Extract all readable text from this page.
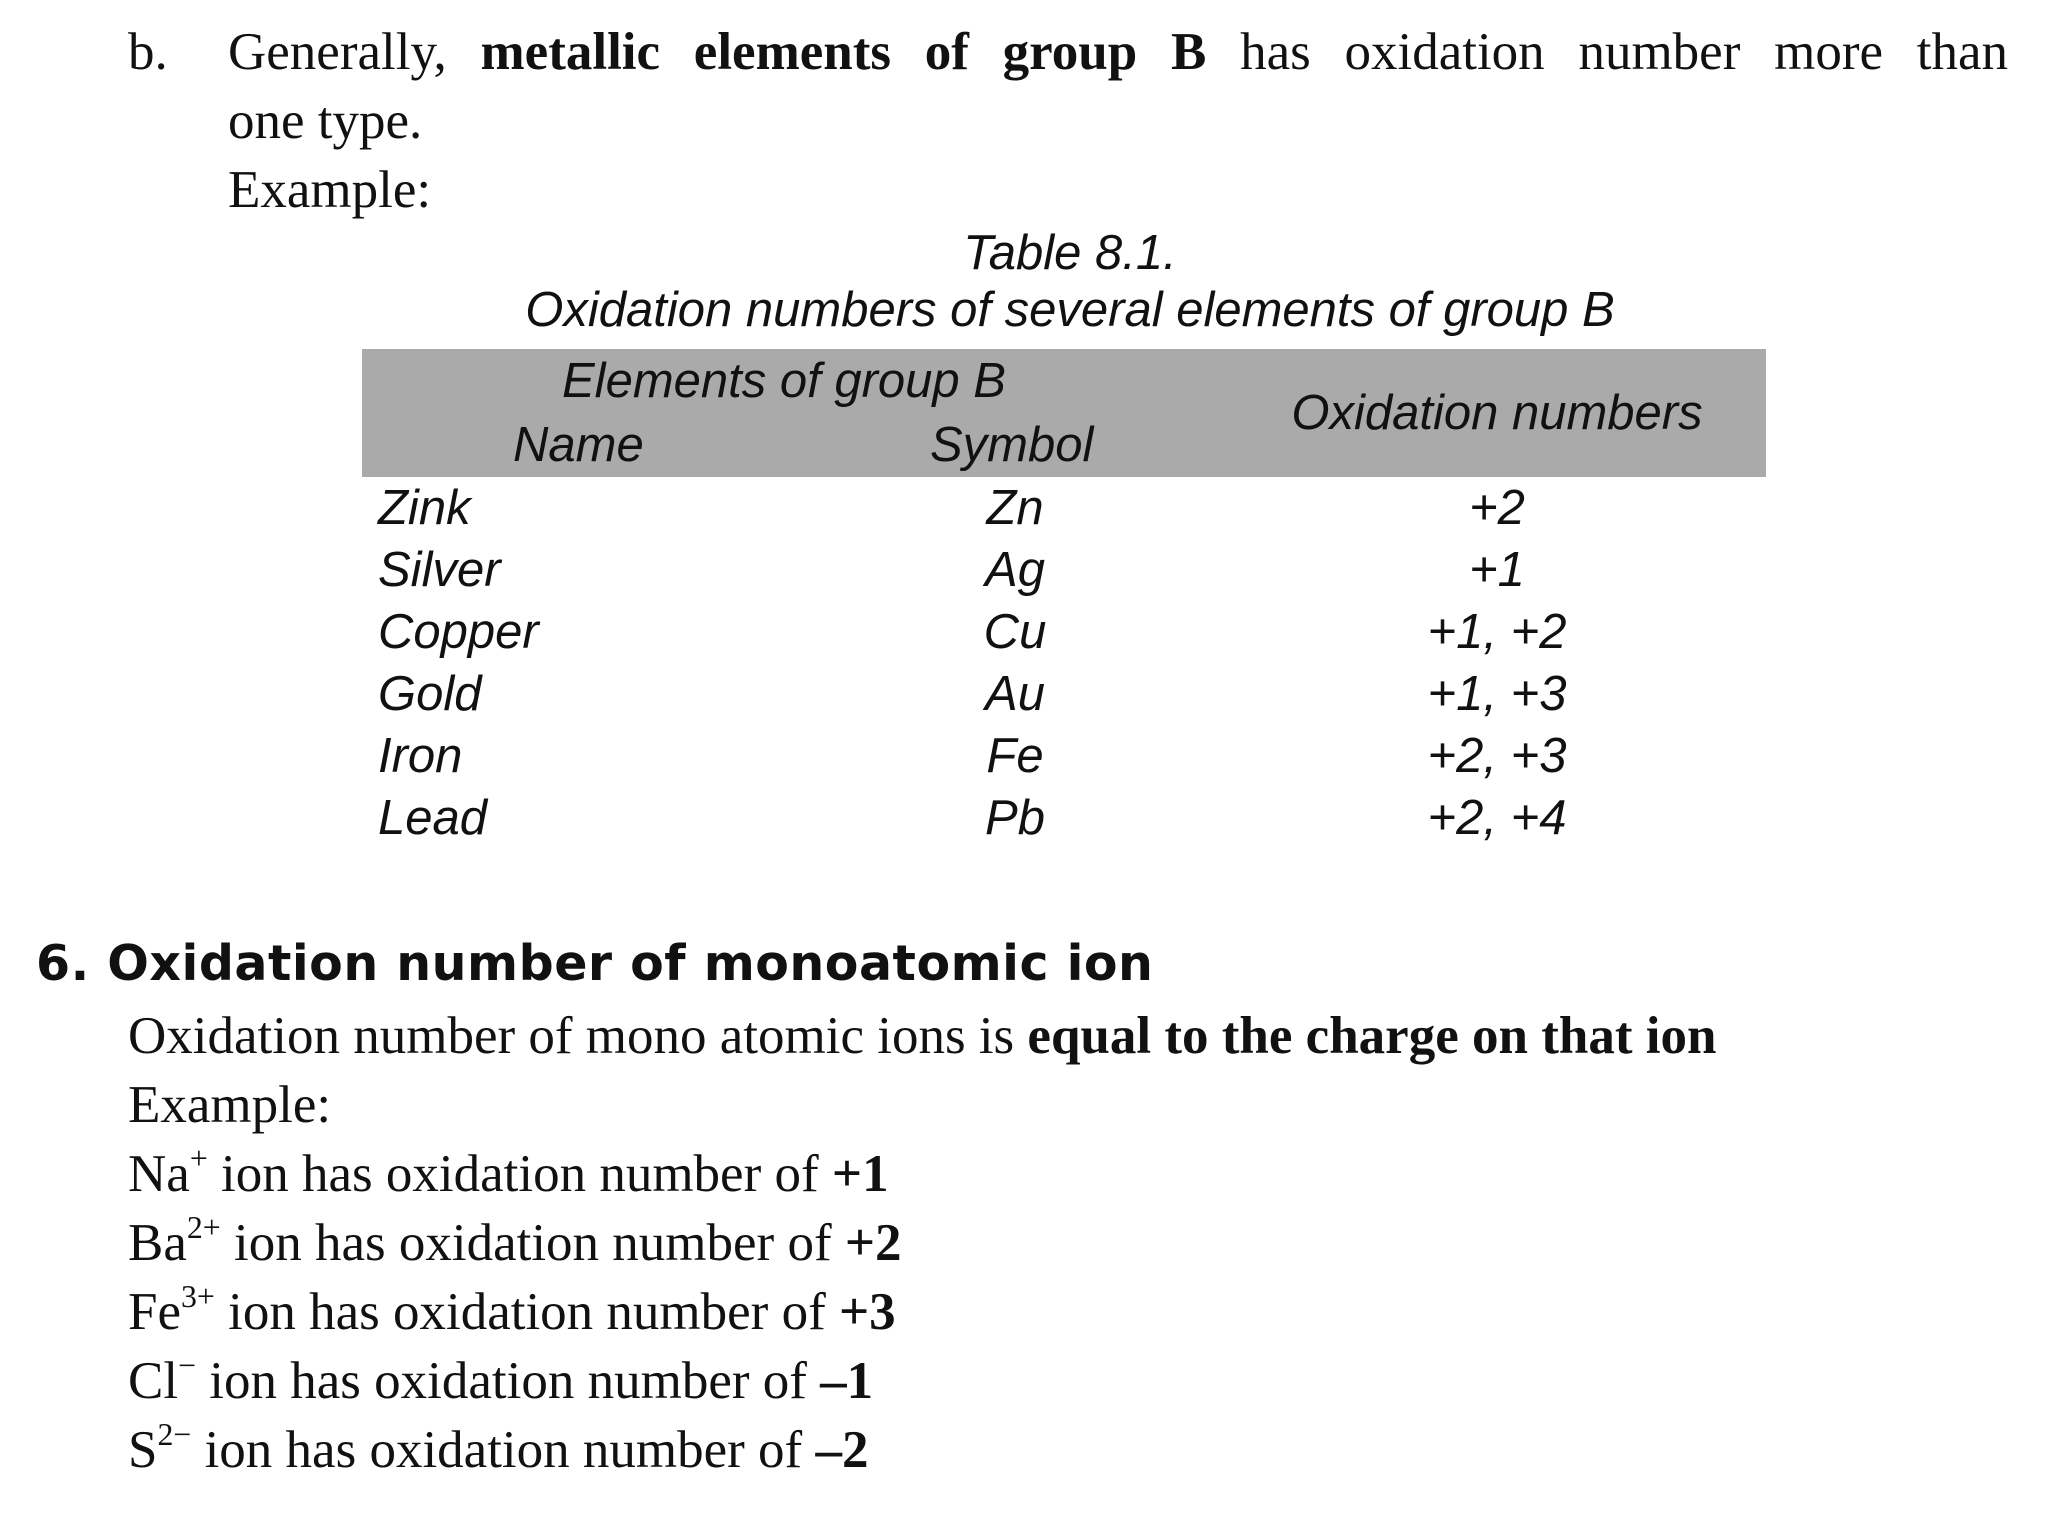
b. Generally, metallic elements of group B has oxidation number more than
one type.
Example:
Table 8.1.
Oxidation numbers of several elements of group B
Elements of group B
Name	Symbol
Oxidation numbers
Zink	Zn	+2
Silver	Ag	+1
Copper	Cu	+1, +2
Gold	Au	+1, +3
Iron	Fe	+2, +3
Lead	Pb	+2, +4
6. Oxidation number of monoatomic ion
Oxidation number of mono atomic ions is equal to the charge on that ion
Example:
Na+ ion has oxidation number of +1
$Ba^{2+}$ ion has oxidation number of +2
$Fe^{3+}$ ion has oxidation number of +3
Cl− ion has oxidation number of –1
$S^{2-}$ ion has oxidation number of –2
